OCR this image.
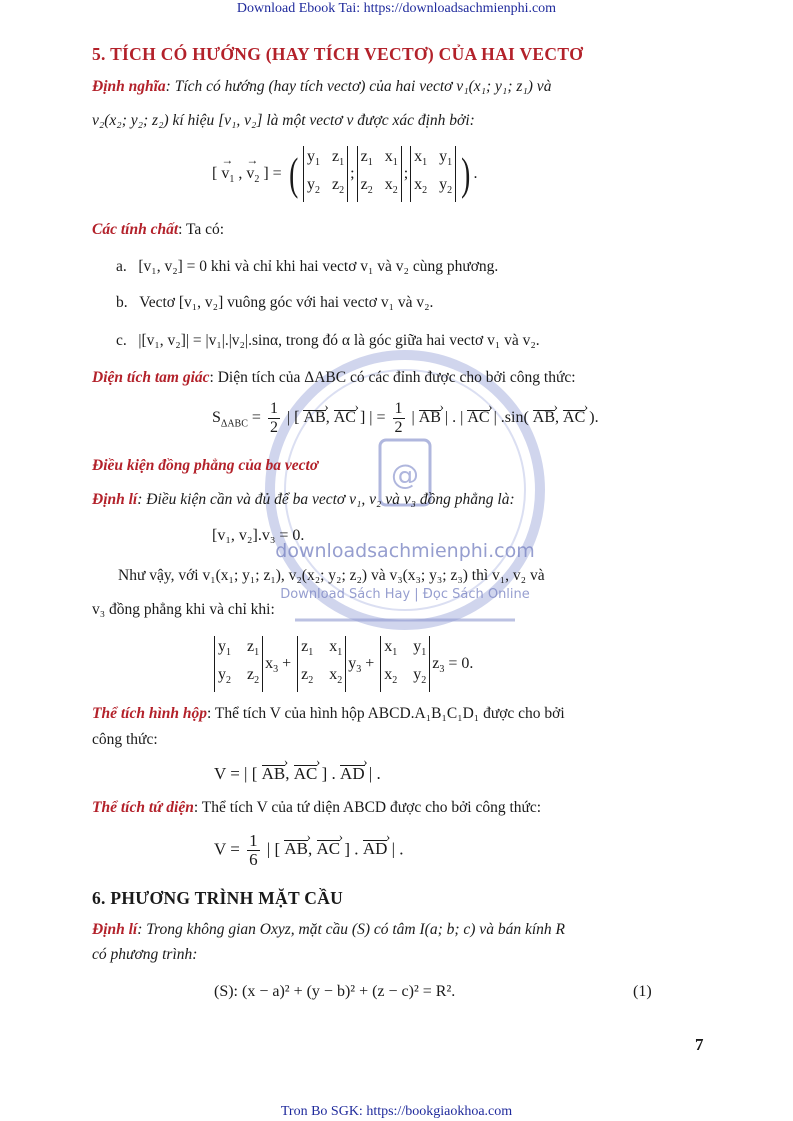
Download Ebook Tai: https://downloadsachmienphi.com
Tron Bo SGK: https://bookgiaokhoa.com
@
downloadsachmienphi.com
Download Sách Hay | Đọc Sách Online
5. TÍCH CÓ HƯỚNG (HAY TÍCH VECTƠ) CỦA HAI VECTƠ
Định nghĩa: Tích có hướng (hay tích vectơ) của hai vectơ v₁(x₁; y₁; z₁) và
v₂(x₂; y₂; z₂) kí hiệu [v₁, v₂] là một vectơ v được xác định bởi:
[ → $v_1$ , → $v_2$ ] = ( $y_1$   $z_1$
$y_2$   $z_2$
;
$z_1$   $x_1$
$z_2$   $x_2$
;
$x_1$   $y_1$
$x_2$   $y_2$ ) .
Các tính chất: Ta có:
a. [v₁, v₂] = 0 khi và chỉ khi hai vectơ v₁ và v₂ cùng phương.
b. Vectơ [v₁, v₂] vuông góc với hai vectơ v₁ và v₂.
c. |[v₁, v₂]| = |v₁|.|v₂|.sinα, trong đó α là góc giữa hai vectơ v₁ và v₂.
Diện tích tam giác: Diện tích của ΔABC có các đỉnh được cho bởi công thức:
$S_{\Delta ABC} = \frac{1}{2}$ | [ AB ›, AC › ] | = $\frac{1}{2}$ | AB › | . | AC › | .sin( AB ›, AC › ).
Điều kiện đồng phẳng của ba vectơ
Định lí: Điều kiện cần và đủ để ba vectơ v₁, v₂ và v₃ đồng phẳng là:
[v₁, v₂].v₃ = 0.
Như vậy, với v₁(x₁; y₁; z₁), v₂(x₂; y₂; z₂) và v₃(x₃; y₃; z₃) thì v₁, v₂ và
v₃ đồng phẳng khi và chỉ khi:
$y_1$    $z_1$
$y_2$    $z_2$
$x_3$ +
$z_1$    $x_1$
$z_2$    $x_2$
$y_3$ +
$x_1$    $y_1$
$x_2$    $y_2$
$z_3 = 0$.
Thể tích hình hộp: Thể tích V của hình hộp ABCD.A₁B₁C₁D₁ được cho bởi
công thức:
V = | [ AB ›, AC › ] . AD › | .
Thể tích tứ diện: Thể tích V của tứ diện ABCD được cho bởi công thức:
$V = \frac{1}{6}$ | [ AB ›, AC › ] . AD › | .
6. PHƯƠNG TRÌNH MẶT CẦU
Định lí: Trong không gian Oxyz, mặt cầu (S) có tâm I(a; b; c) và bán kính R
có phương trình:
(S): (x − a)² + (y − b)² + (z − c)² = R².	(1)
7
